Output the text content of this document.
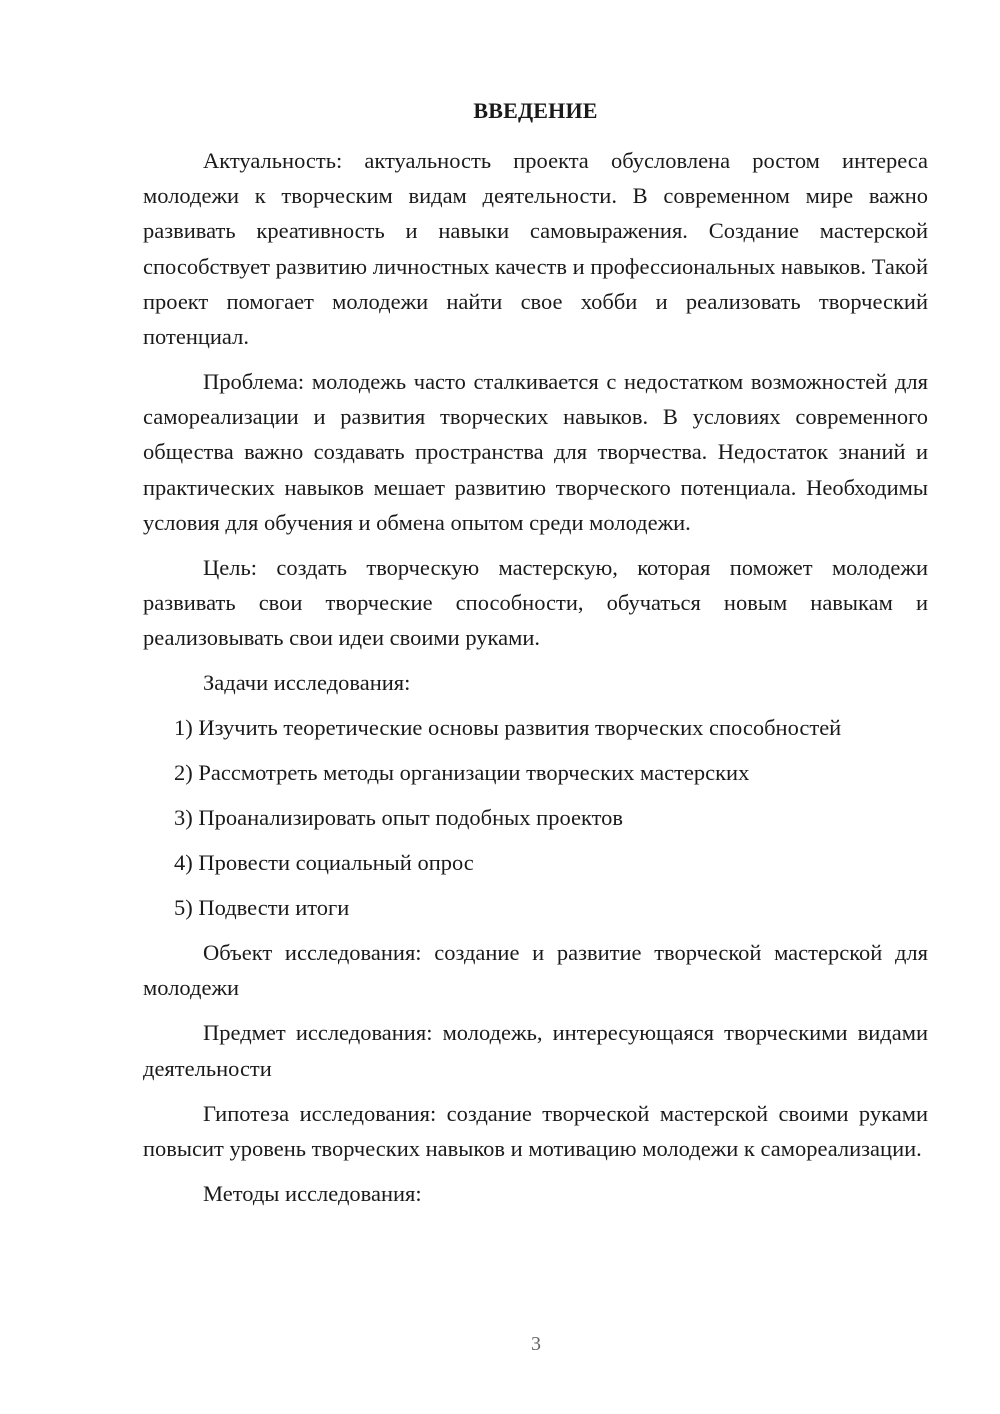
ВВЕДЕНИЕ

Актуальность: актуальность проекта обусловлена ростом интереса молодежи к творческим видам деятельности. В современном мире важно развивать креативность и навыки самовыражения. Создание мастерской способствует развитию личностных качеств и профессиональных навыков. Такой проект помогает молодежи найти свое хобби и реализовать творческий потенциал.

Проблема: молодежь часто сталкивается с недостатком возможностей для самореализации и развития творческих навыков. В условиях современного общества важно создавать пространства для творчества. Недостаток знаний и практических навыков мешает развитию творческого потенциала. Необходимы условия для обучения и обмена опытом среди молодежи.

Цель: создать творческую мастерскую, которая поможет молодежи развивать свои творческие способности, обучаться новым навыкам и реализовывать свои идеи своими руками.

Задачи исследования:

1) Изучить теоретические основы развития творческих способностей

2) Рассмотреть методы организации творческих мастерских

3) Проанализировать опыт подобных проектов

4) Провести социальный опрос

5) Подвести итоги

Объект исследования: создание и развитие творческой мастерской для молодежи

Предмет исследования: молодежь, интересующаяся творческими видами деятельности

Гипотеза исследования: создание творческой мастерской своими руками повысит уровень творческих навыков и мотивацию молодежи к самореализации.

Методы исследования:

3
